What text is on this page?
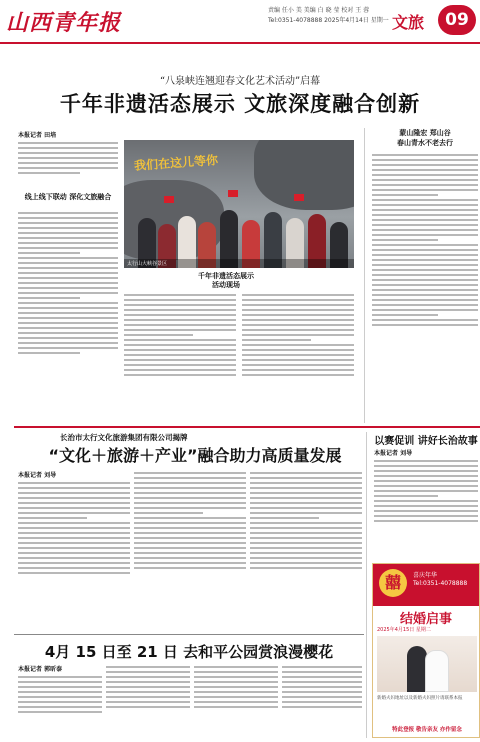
山西青年报	责编 任小 美 美编 白 晓 莹 校对 王 蓉
Tel:0351-4078888 2025年4月14日 星期一 文旅	09
“八泉峡连翘迎春文化艺术活动”启幕
千年非遗活态展示 文旅深度融合创新
本报记者 田培
线上线下联动 深化文旅融合
我们在这儿等你
太行山大峡谷景区
千年非遗活态展示
活动现场
蒙山隆宏 郑山谷
春山青水不老去行
长治市太行文化旅游集团有限公司揭牌
“文化＋旅游＋产业”融合助力高质量发展
本报记者 刘导
以赛促训 讲好长治故事
本报记者 刘导
囍	喜庆年华
Tel:0351-4078888
结婚启事
2025年4月15日 星期二
新婚夫妇地址以及新婚夫妇照片请联系本报
特此登报 敬告亲友 亦作留念
4月 15 日至 21 日 去和平公园赏浪漫樱花
本报记者 郭昕泰
